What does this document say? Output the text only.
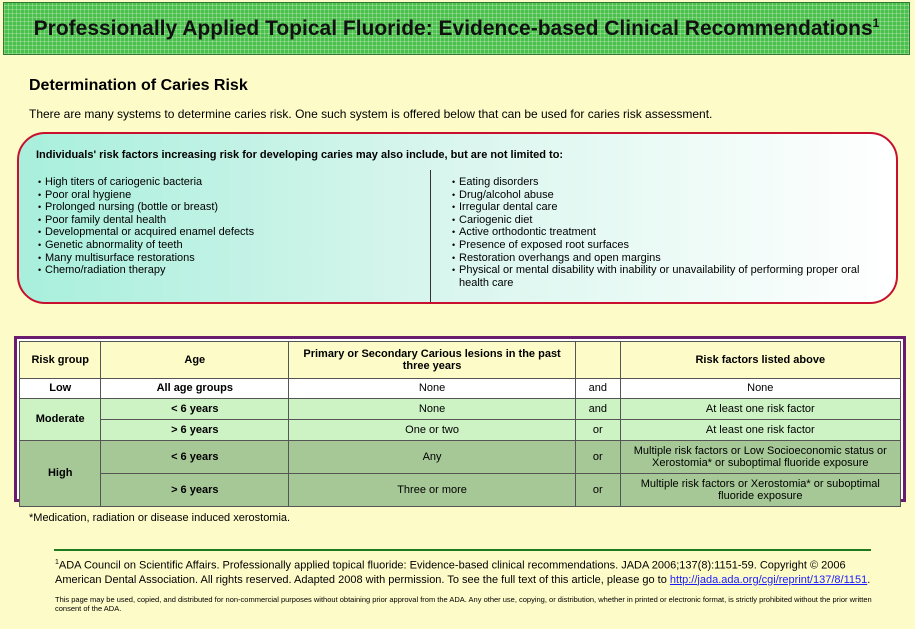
Professionally Applied Topical Fluoride: Evidence-based Clinical Recommendations$^1$
Determination of Caries Risk
There are many systems to determine caries risk. One such system is offered below that can be used for caries risk assessment.
Individuals' risk factors increasing risk for developing caries may also include, but are not limited to:
• High titers of cariogenic bacteria
• Poor oral hygiene
• Prolonged nursing (bottle or breast)
• Poor family dental health
• Developmental or acquired enamel defects
• Genetic abnormality of teeth
• Many multisurface restorations
• Chemo/radiation therapy
• Eating disorders
• Drug/alcohol abuse
• Irregular dental care
• Cariogenic diet
• Active orthodontic treatment
• Presence of exposed root surfaces
• Restoration overhangs and open margins
• Physical or mental disability with inability or unavailability of performing proper oral health care
Risk group	Age	Primary or Secondary Carious lesions in the past three years		Risk factors listed above
Low	All age groups	None	and	None
Moderate	< 6 years	None	and	At least one risk factor
	> 6 years	One or two	or	At least one risk factor
High	< 6 years	Any	or	Multiple risk factors or Low Socioeconomic status or Xerostomia* or suboptimal fluoride exposure
	> 6 years	Three or more	or	Multiple risk factors or Xerostomia* or suboptimal fluoride exposure
*Medication, radiation or disease induced xerostomia.
$^1$ADA Council on Scientific Affairs. Professionally applied topical fluoride: Evidence-based clinical recommendations. JADA 2006;137(8):1151-59. Copyright © 2006 American Dental Association. All rights reserved. Adapted 2008 with permission. To see the full text of this article, please go to http://jada.ada.org/cgi/reprint/137/8/1151.
This page may be used, copied, and distributed for non-commercial purposes without obtaining prior approval from the ADA. Any other use, copying, or distribution, whether in printed or electronic format, is strictly prohibited without the prior written consent of the ADA.
